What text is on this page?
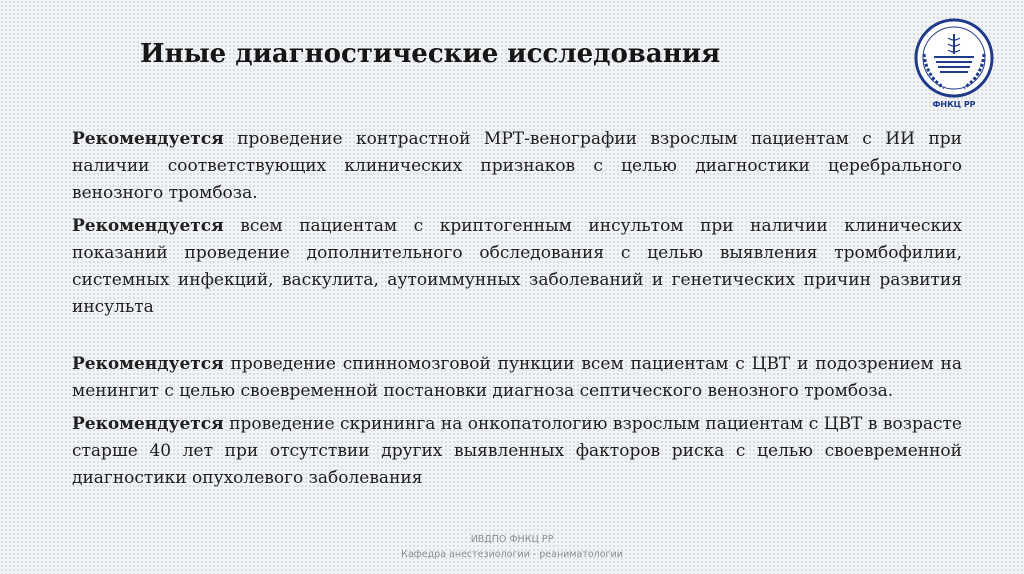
Иные диагностические исследования
ФНКЦ РР

Рекомендуется проведение контрастной МРТ-венографии взрослым пациентам с ИИ при наличии соответствующих клинических признаков с целью диагностики церебрального венозного тромбоза.

Рекомендуется всем пациентам с криптогенным инсультом при наличии клинических показаний проведение дополнительного обследования с целью выявления тромбофилии, системных инфекций, васкулита, аутоиммунных заболеваний и генетических причин развития инсульта

Рекомендуется проведение спинномозговой пункции всем пациентам с ЦВТ и подозрением на менингит с целью своевременной постановки диагноза септического венозного тромбоза.

Рекомендуется проведение скрининга на онкопатологию взрослым пациентам с ЦВТ в возрасте старше 40 лет при отсутствии других выявленных факторов риска с целью своевременной диагностики опухолевого заболевания

ИВДПО ФНКЦ РР
Кафедра анестезиологии - реаниматологии
